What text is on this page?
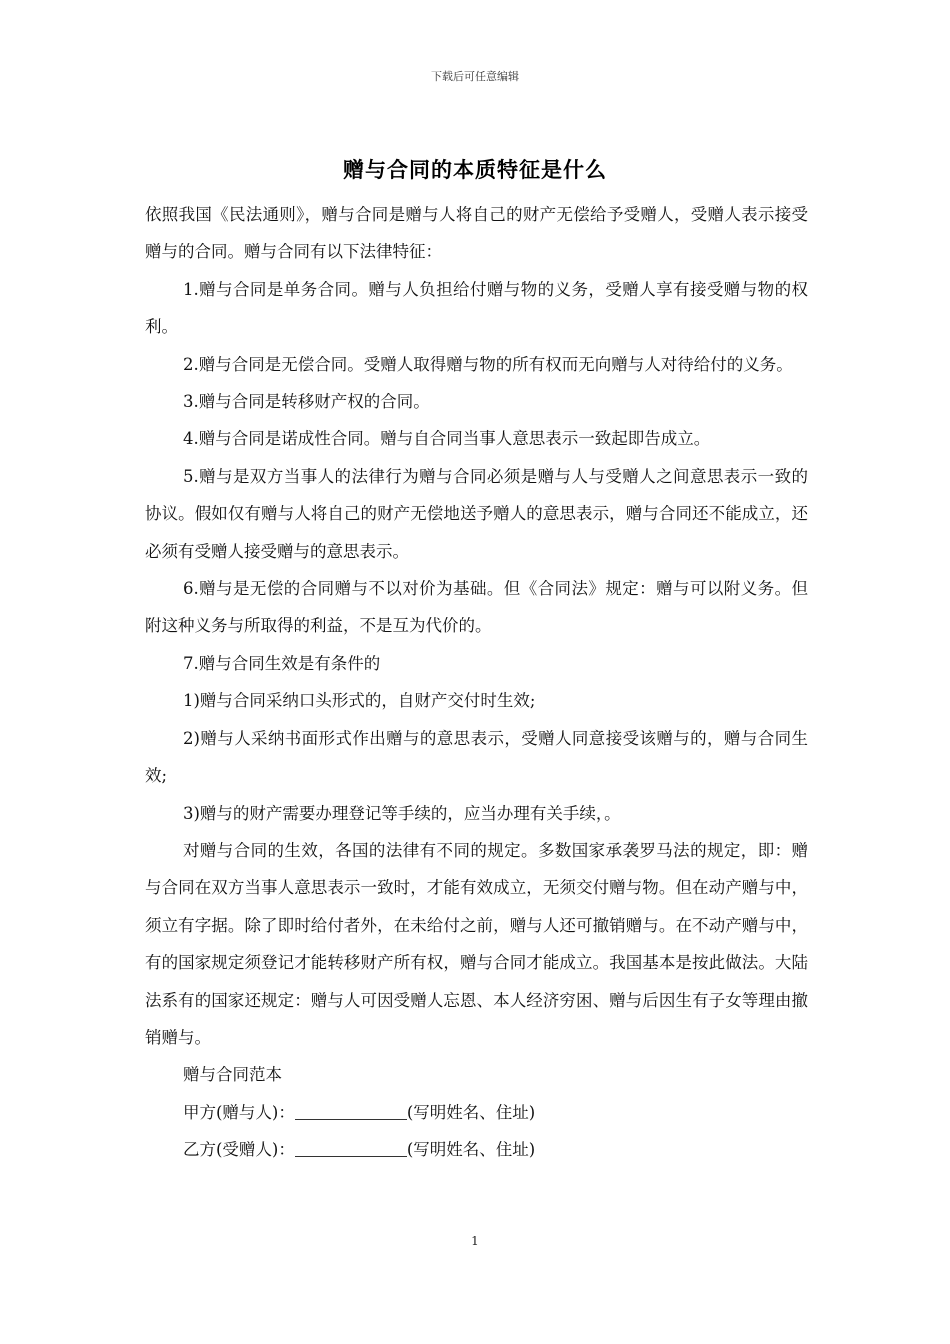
下载后可任意编辑
赠与合同的本质特征是什么

依照我国《民法通则》，赠与合同是赠与人将自己的财产无偿给予受赠人，受赠人表示接受赠与的合同。赠与合同有以下法律特征：

1.赠与合同是单务合同。赠与人负担给付赠与物的义务，受赠人享有接受赠与物的权利。

2.赠与合同是无偿合同。受赠人取得赠与物的所有权而无向赠与人对待给付的义务。

3.赠与合同是转移财产权的合同。

4.赠与合同是诺成性合同。赠与自合同当事人意思表示一致起即告成立。

5.赠与是双方当事人的法律行为赠与合同必须是赠与人与受赠人之间意思表示一致的协议。假如仅有赠与人将自己的财产无偿地送予赠人的意思表示，赠与合同还不能成立，还必须有受赠人接受赠与的意思表示。

6.赠与是无偿的合同赠与不以对价为基础。但《合同法》规定：赠与可以附义务。但附这种义务与所取得的利益，不是互为代价的。

7.赠与合同生效是有条件的

1)赠与合同采纳口头形式的，自财产交付时生效;

2)赠与人采纳书面形式作出赠与的意思表示，受赠人同意接受该赠与的，赠与合同生效;

3)赠与的财产需要办理登记等手续的，应当办理有关手续，。

对赠与合同的生效，各国的法律有不同的规定。多数国家承袭罗马法的规定，即：赠与合同在双方当事人意思表示一致时，才能有效成立，无须交付赠与物。但在动产赠与中，须立有字据。除了即时给付者外，在未给付之前，赠与人还可撤销赠与。在不动产赠与中，有的国家规定须登记才能转移财产所有权，赠与合同才能成立。我国基本是按此做法。大陆法系有的国家还规定：赠与人可因受赠人忘恩、本人经济穷困、赠与后因生有子女等理由撤销赠与。

赠与合同范本

甲方(赠与人)：	(写明姓名、住址)

乙方(受赠人)：	(写明姓名、住址)

1
